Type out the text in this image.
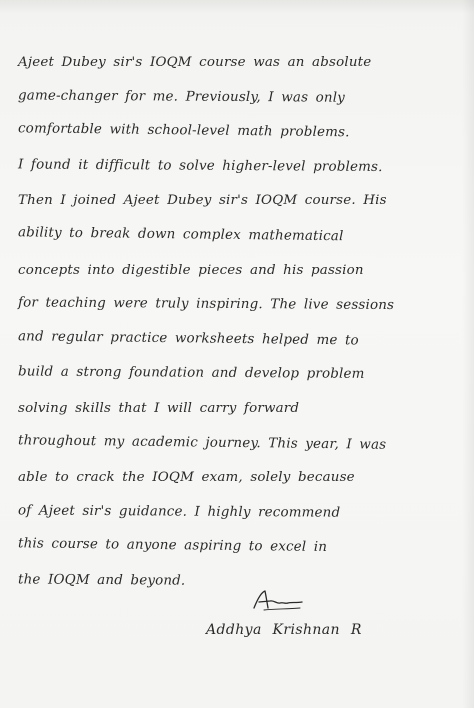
Ajeet Dubey sir's IOQM course was an absolute
game-changer for me. Previously, I was only
comfortable with school-level math problems.
I found it difficult to solve higher-level problems.
Then I joined Ajeet Dubey sir's IOQM course. His
ability to break down complex mathematical
concepts into digestible pieces and his passion
for teaching were truly inspiring. The live sessions
and regular practice worksheets helped me to
build a strong foundation and develop problem
solving skills that I will carry forward
throughout my academic journey. This year, I was
able to crack the IOQM exam, solely because
of Ajeet sir's guidance. I highly recommend
this course to anyone aspiring to excel in
the IOQM and beyond.
Addhya Krishnan R
